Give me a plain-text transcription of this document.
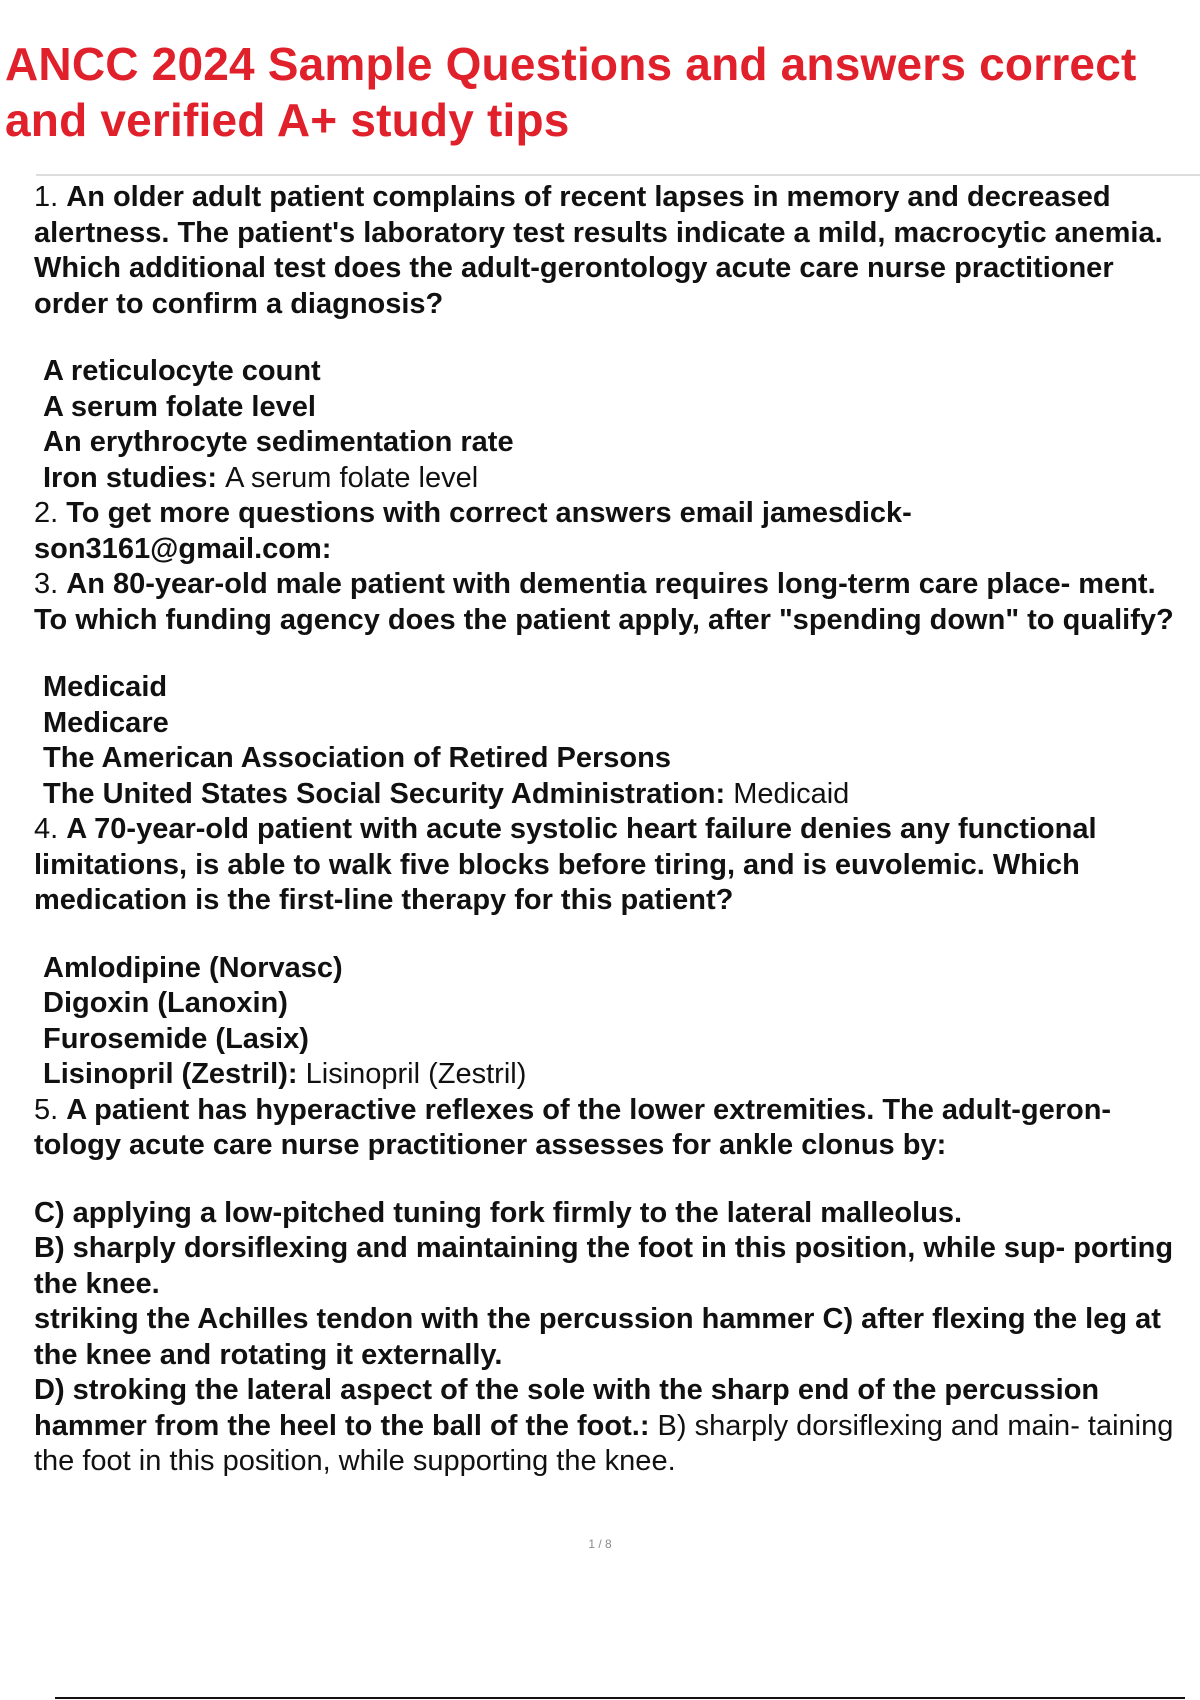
ANCC 2024 Sample Questions and answers correct and verified A+ study tips

1. An older adult patient complains of recent lapses in memory and decreased alertness. The patient's laboratory test results indicate a mild, macrocytic anemia. Which additional test does the adult-gerontology acute care nurse practitioner order to confirm a diagnosis?

A reticulocyte count

A serum folate level

An erythrocyte sedimentation rate

Iron studies: A serum folate level

2. To get more questions with correct answers email jamesdick- son3161@gmail.com:

3. An 80-year-old male patient with dementia requires long-term care place- ment. To which funding agency does the patient apply, after "spending down" to qualify?

Medicaid

Medicare

The American Association of Retired Persons

The United States Social Security Administration: Medicaid

4. A 70-year-old patient with acute systolic heart failure denies any functional limitations, is able to walk five blocks before tiring, and is euvolemic. Which medication is the first-line therapy for this patient?

Amlodipine (Norvasc)

Digoxin (Lanoxin)

Furosemide (Lasix)

Lisinopril (Zestril): Lisinopril (Zestril)

5. A patient has hyperactive reflexes of the lower extremities. The adult-geron- tology acute care nurse practitioner assesses for ankle clonus by:

C) applying a low-pitched tuning fork firmly to the lateral malleolus.

B) sharply dorsiflexing and maintaining the foot in this position, while sup- porting the knee.

striking the Achilles tendon with the percussion hammer C) after flexing the leg at the knee and rotating it externally.

D) stroking the lateral aspect of the sole with the sharp end of the percussion hammer from the heel to the ball of the foot.: B) sharply dorsiflexing and main- taining the foot in this position, while supporting the knee.

1 / 8
